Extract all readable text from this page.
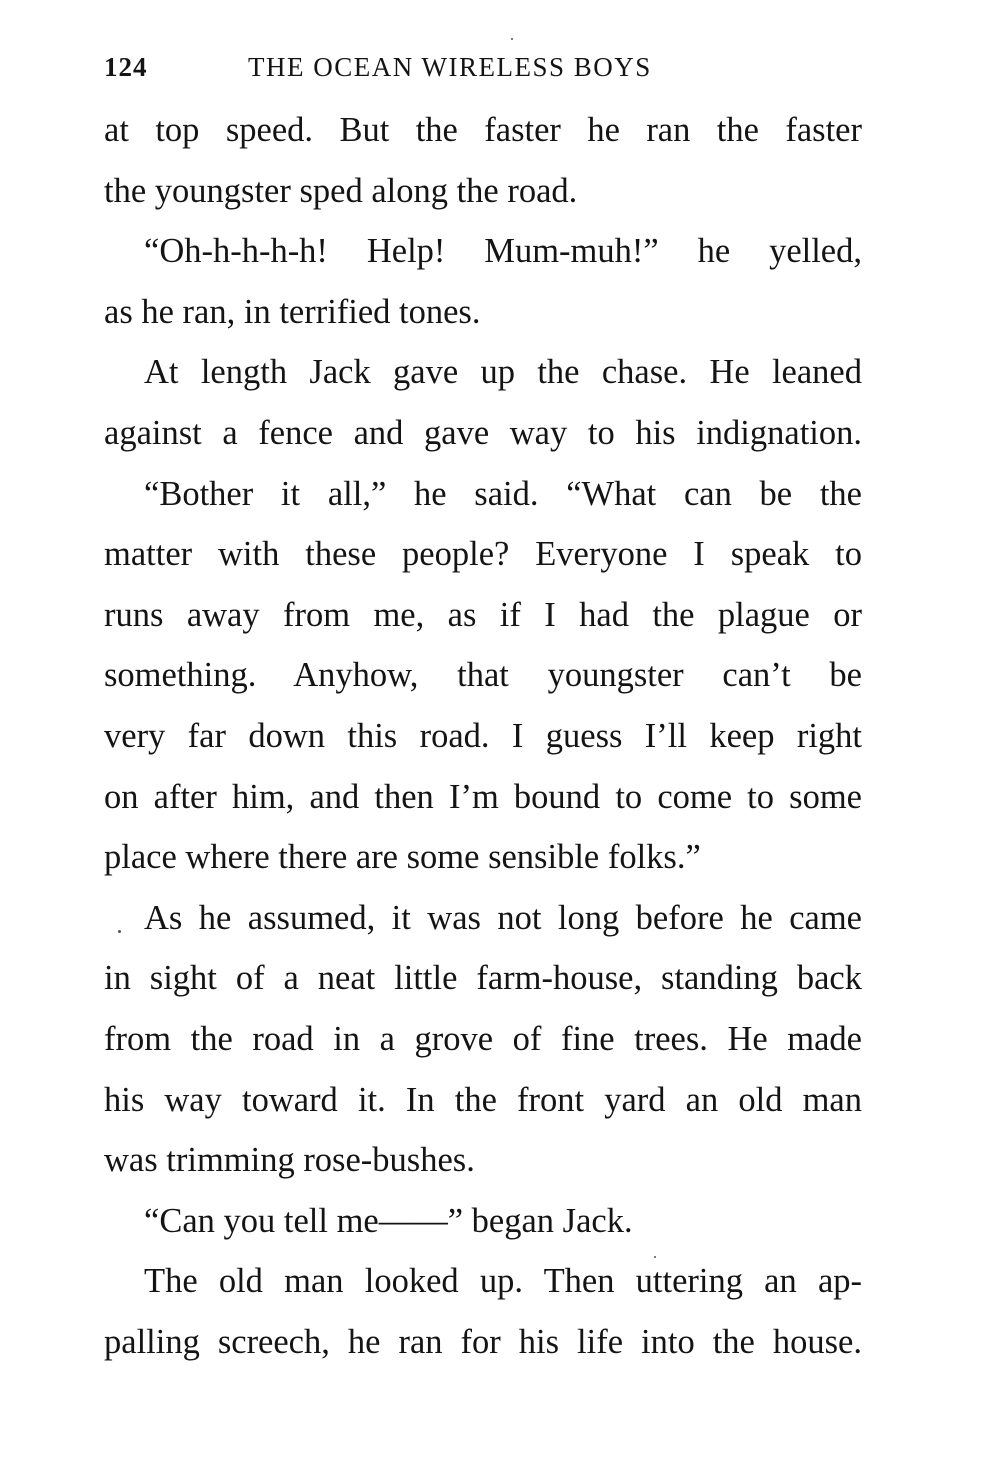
124	THE OCEAN WIRELESS BOYS
at top speed. But the faster he ran the faster
the youngster sped along the road.
“Oh-h-h-h-h! Help! Mum-muh!” he yelled,
as he ran, in terrified tones.
At length Jack gave up the chase. He leaned
against a fence and gave way to his indignation.
“Bother it all,” he said. “What can be the
matter with these people? Everyone I speak to
runs away from me, as if I had the plague or
something. Anyhow, that youngster can’t be
very far down this road. I guess I’ll keep right
on after him, and then I’m bound to come to some
place where there are some sensible folks.”
As he assumed, it was not long before he came
in sight of a neat little farm-house, standing back
from the road in a grove of fine trees. He made
his way toward it. In the front yard an old man
was trimming rose-bushes.
“Can you tell me——” began Jack.
The old man looked up. Then uttering an ap-
palling screech, he ran for his life into the house.
